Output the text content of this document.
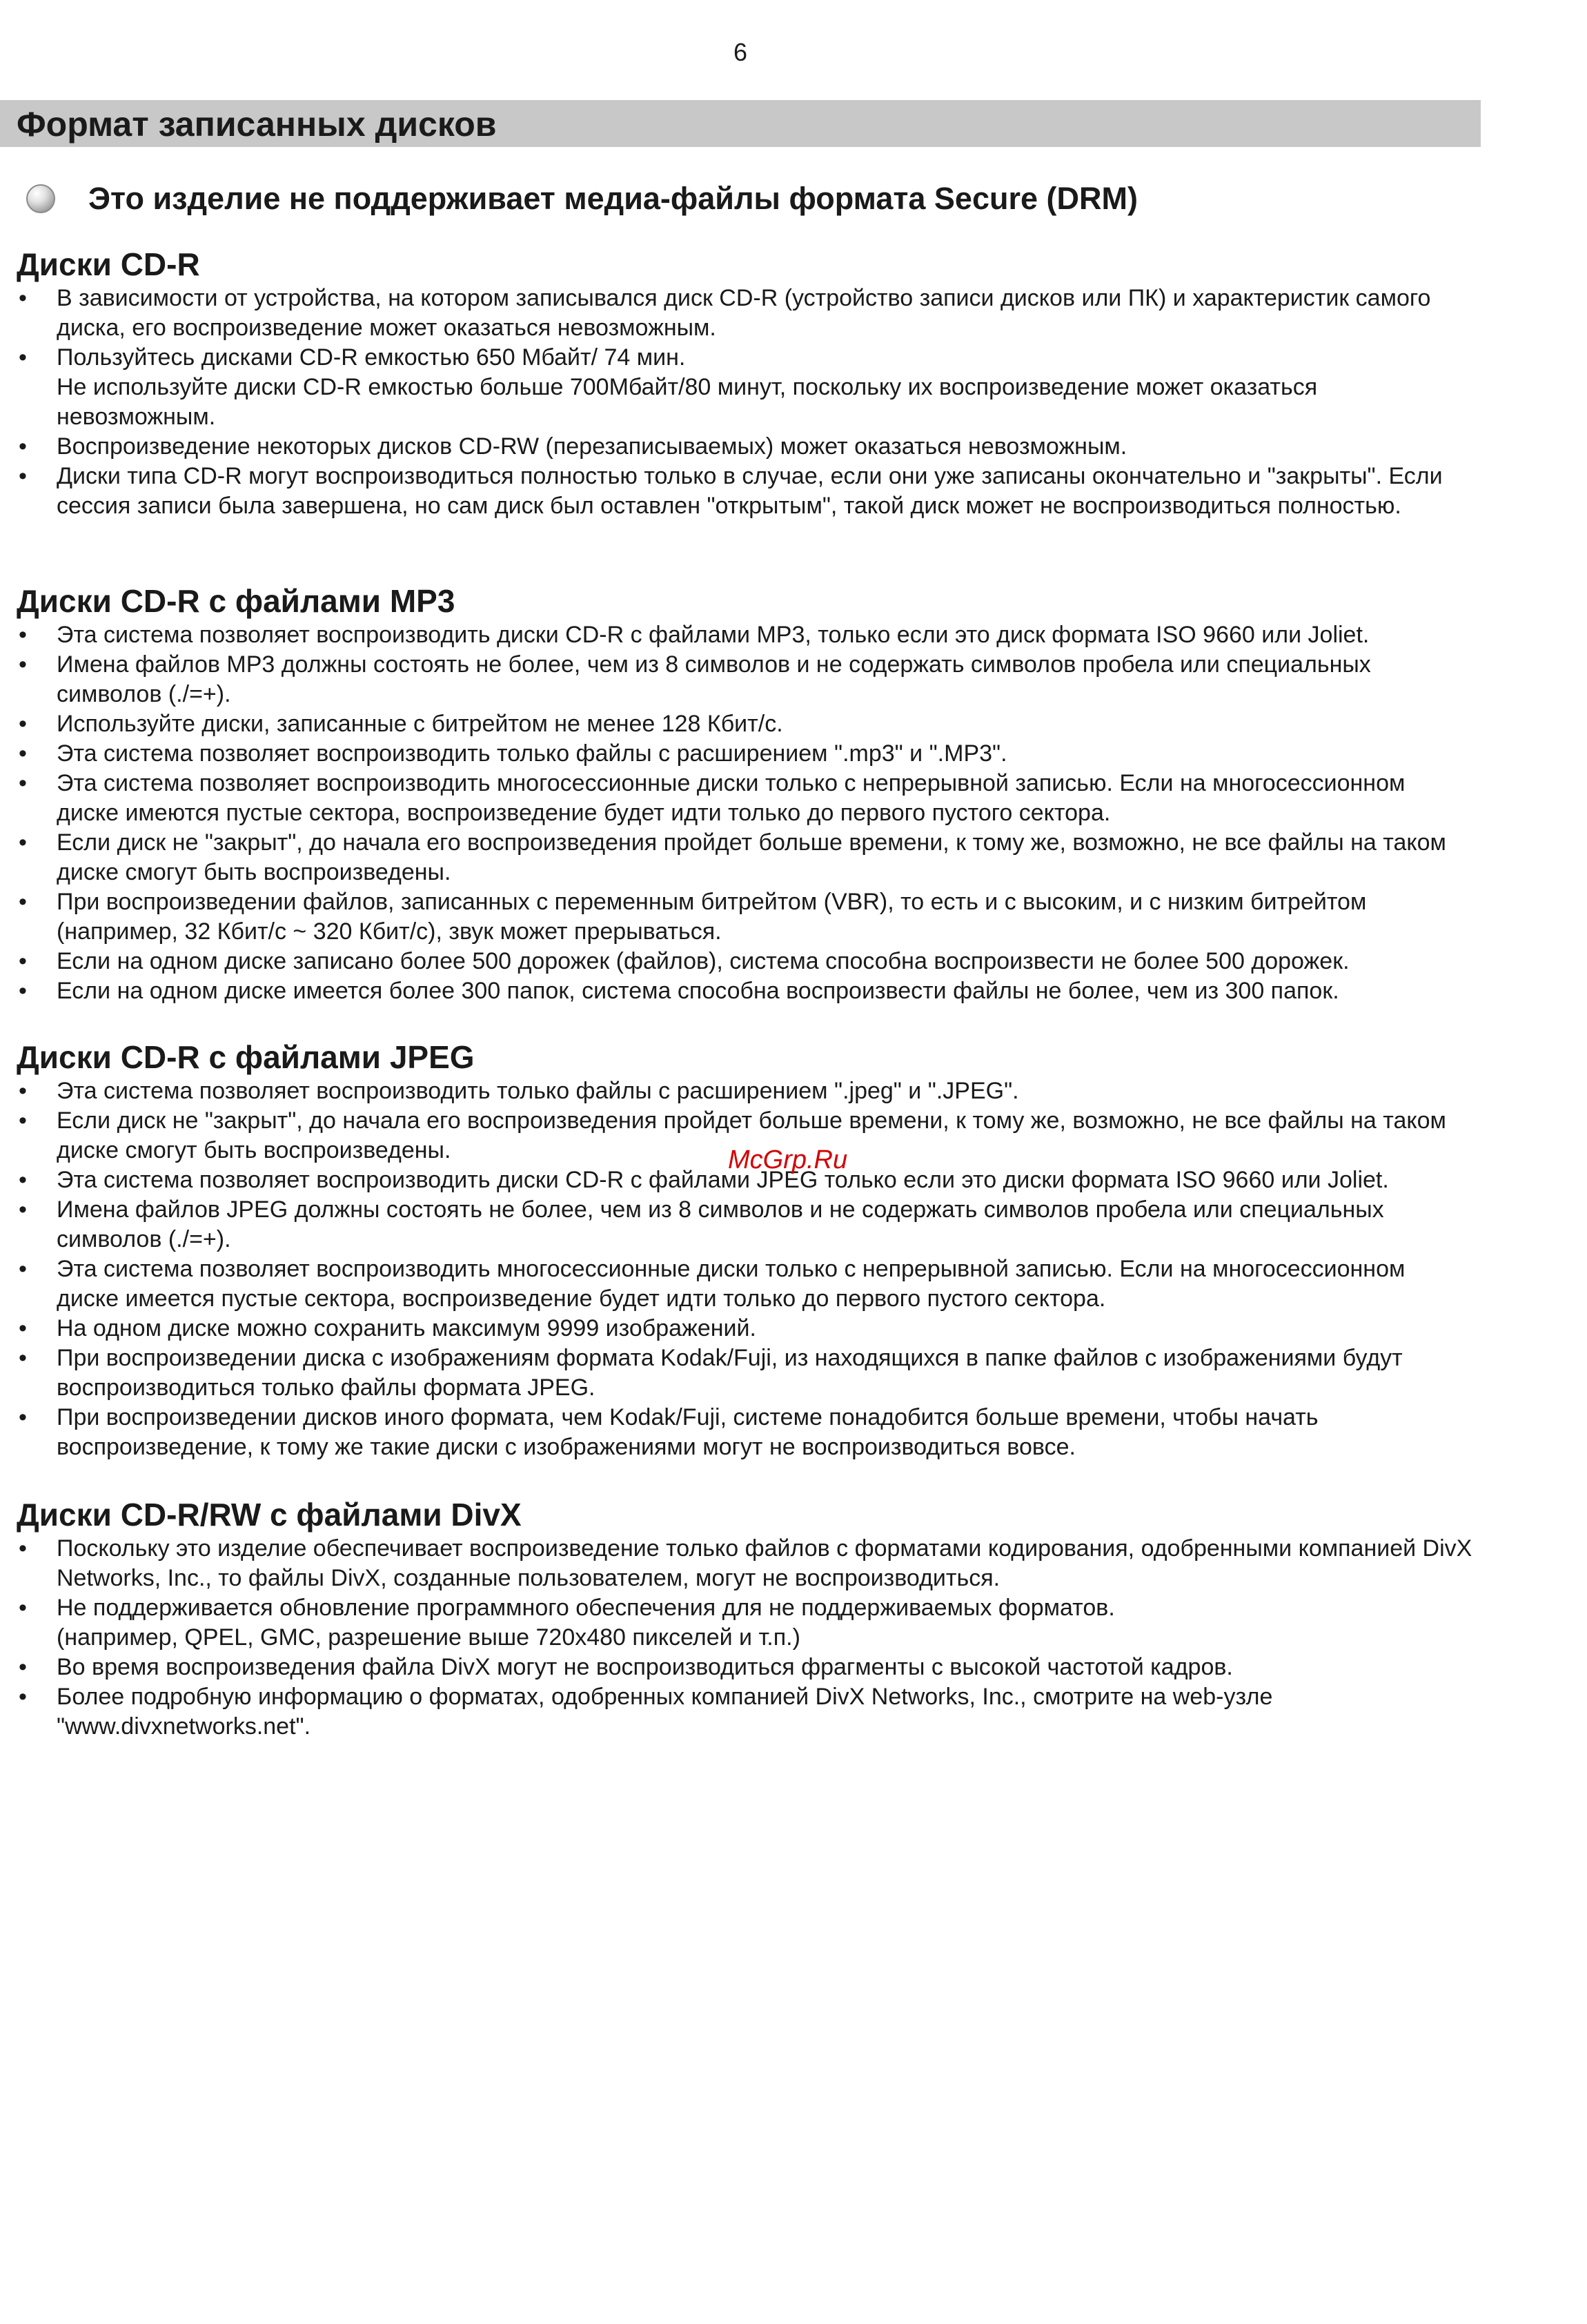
6
Формат записанных дисков
Это изделие не поддерживает медиа-файлы формата Secure (DRM)
Диски CD-R
• В зависимости от устройства, на котором записывался диск CD-R (устройство записи дисков или ПК) и характеристик самого диска, его воспроизведение может оказаться невозможным.
• Пользуйтесь дисками CD-R емкостью 650 Мбайт/ 74 мин.
Не используйте диски CD-R емкостью больше 700Мбайт/80 минут, поскольку их воспроизведение может оказаться невозможным.
• Воспроизведение некоторых дисков CD-RW (перезаписываемых) может оказаться невозможным.
• Диски типа CD-R могут воспроизводиться полностью только в случае, если они уже записаны окончательно и "закрыты". Если сессия записи была завершена, но сам диск был оставлен "открытым", такой диск может не воспроизводиться полностью.
Диски CD-R с файлами MP3
• Эта система позволяет воспроизводить диски CD-R с файлами MP3, только если это диск формата ISO 9660 или Joliet.
• Имена файлов MP3 должны состоять не более, чем из 8 символов и не содержать символов пробела или специальных символов (./=+).
• Используйте диски, записанные с битрейтом не менее 128 Кбит/с.
• Эта система позволяет воспроизводить только файлы с расширением ".mp3" и ".MP3".
• Эта система позволяет воспроизводить многосессионные диски только с непрерывной записью. Если на многосессионном диске имеются пустые сектора, воспроизведение будет идти только до первого пустого сектора.
• Если диск не "закрыт", до начала его воспроизведения пройдет больше времени, к тому же, возможно, не все файлы на таком диске смогут быть воспроизведены.
• При воспроизведении файлов, записанных с переменным битрейтом (VBR), то есть и с высоким, и с низким битрейтом (например, 32 Кбит/с ~ 320 Кбит/с), звук может прерываться.
• Если на одном диске записано более 500 дорожек (файлов), система способна воспроизвести не более 500 дорожек.
• Если на одном диске имеется более 300 папок, система способна воспроизвести файлы не более, чем из 300 папок.
Диски CD-R с файлами JPEG
• Эта система позволяет воспроизводить только файлы с расширением ".jpeg" и ".JPEG".
• Если диск не "закрыт", до начала его воспроизведения пройдет больше времени, к тому же, возможно, не все файлы на таком диске смогут быть воспроизведены.
• Эта система позволяет воспроизводить диски CD-R с файлами JPEG только если это диски формата ISO 9660 или Joliet.
• Имена файлов JPEG должны состоять не более, чем из 8 символов и не содержать символов пробела или специальных символов (./=+).
• Эта система позволяет воспроизводить многосессионные диски только с непрерывной записью. Если на многосессионном диске имеется пустые сектора, воспроизведение будет идти только до первого пустого сектора.
• На одном диске можно сохранить максимум 9999 изображений.
• При воспроизведении диска с изображениям формата Kodak/Fuji, из находящихся в папке файлов с изображениями будут воспроизводиться только файлы формата JPEG.
• При воспроизведении дисков иного формата, чем Kodak/Fuji, системе понадобится больше времени, чтобы начать воспроизведение, к тому же такие диски с изображениями могут не воспроизводиться вовсе.
Диски CD-R/RW с файлами DivX
• Поскольку это изделие обеспечивает воспроизведение только файлов с форматами кодирования, одобренными компанией DivX Networks, Inc., то файлы DivX, созданные пользователем, могут не воспроизводиться.
• Не поддерживается обновление программного обеспечения для не поддерживаемых форматов.
(например, QPEL, GMC, разрешение выше 720x480 пикселей и т.п.)
• Во время воспроизведения файла DivX могут не воспроизводиться фрагменты с высокой частотой кадров.
• Более подробную информацию о форматах, одобренных компанией DivX Networks, Inc., смотрите на web-узле "www.divxnetworks.net".
McGrp.Ru
